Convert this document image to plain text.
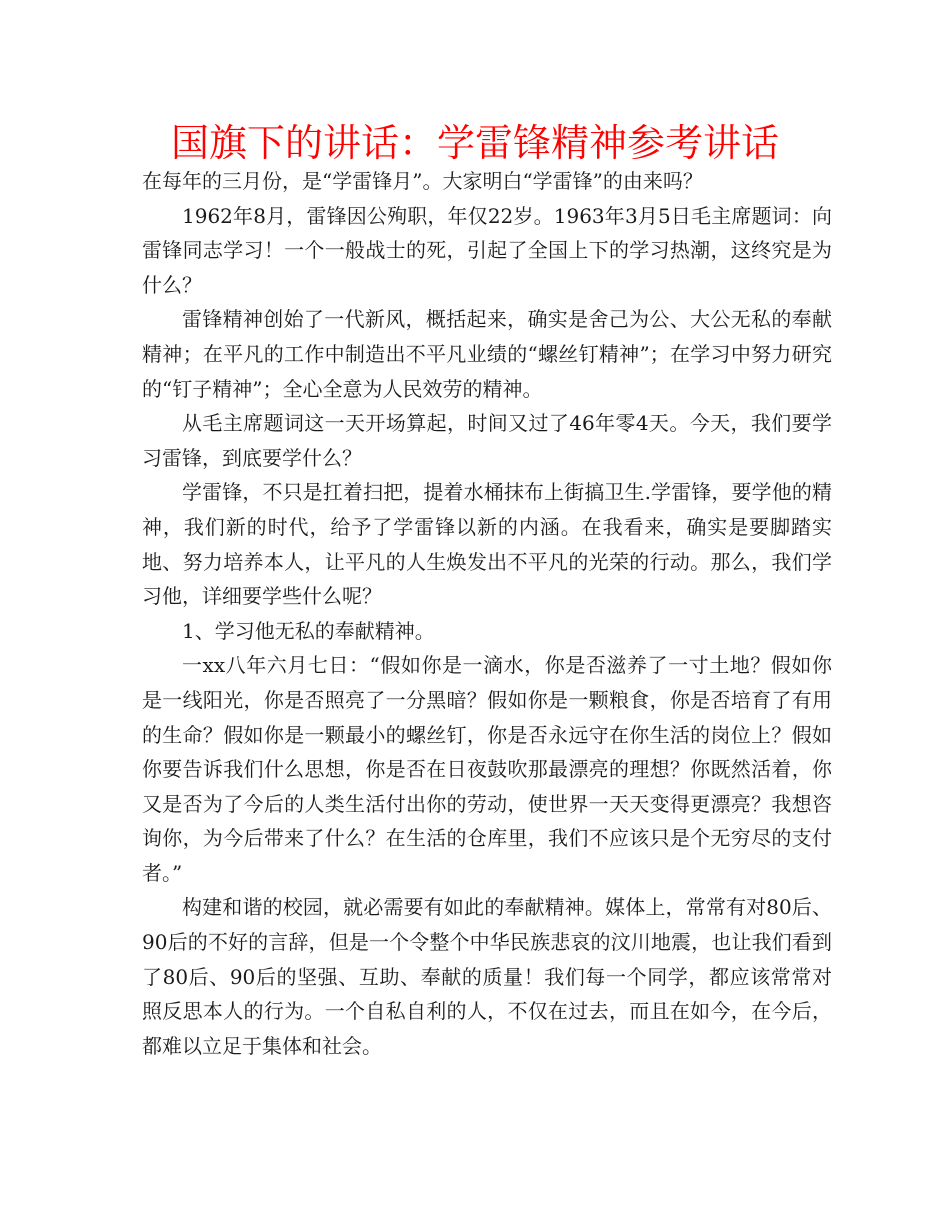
国旗下的讲话：学雷锋精神参考讲话

在每年的三月份，是“学雷锋月”。大家明白“学雷锋”的由来吗？

1962年8月，雷锋因公殉职，年仅22岁。1963年3月5日毛主席题词：向雷锋同志学习！一个一般战士的死，引起了全国上下的学习热潮，这终究是为什么？

雷锋精神创始了一代新风，概括起来，确实是舍己为公、大公无私的奉献精神；在平凡的工作中制造出不平凡业绩的“螺丝钉精神”；在学习中努力研究的“钉子精神”；全心全意为人民效劳的精神。

从毛主席题词这一天开场算起，时间又过了46年零4天。今天，我们要学习雷锋，到底要学什么？

学雷锋，不只是扛着扫把，提着水桶抹布上街搞卫生.学雷锋，要学他的精神，我们新的时代，给予了学雷锋以新的内涵。在我看来，确实是要脚踏实地、努力培养本人，让平凡的人生焕发出不平凡的光荣的行动。那么，我们学习他，详细要学些什么呢？

1、学习他无私的奉献精神。

一xx八年六月七日：“假如你是一滴水，你是否滋养了一寸土地？假如你是一线阳光，你是否照亮了一分黑暗？假如你是一颗粮食，你是否培育了有用的生命？假如你是一颗最小的螺丝钉，你是否永远守在你生活的岗位上？假如你要告诉我们什么思想，你是否在日夜鼓吹那最漂亮的理想？你既然活着，你又是否为了今后的人类生活付出你的劳动，使世界一天天变得更漂亮？我想咨询你，为今后带来了什么？在生活的仓库里，我们不应该只是个无穷尽的支付者。”

构建和谐的校园，就必需要有如此的奉献精神。媒体上，常常有对80后、90后的不好的言辞，但是一个令整个中华民族悲哀的汶川地震，也让我们看到了80后、90后的坚强、互助、奉献的质量！我们每一个同学，都应该常常对照反思本人的行为。一个自私自利的人，不仅在过去，而且在如今，在今后，都难以立足于集体和社会。
